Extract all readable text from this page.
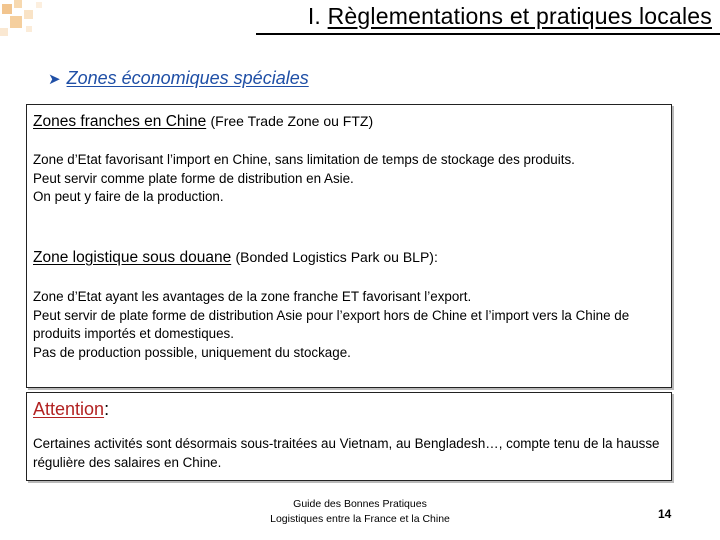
I. Règlementations et pratiques locales
➤ Zones économiques spéciales
Zones franches en Chine (Free Trade Zone ou FTZ)
Zone d’Etat favorisant l’import en Chine, sans limitation de temps de stockage des produits.
Peut servir comme plate forme de distribution en Asie.
On peut y faire de la production.
Zone logistique sous douane (Bonded Logistics Park ou BLP):
Zone d’Etat ayant les avantages de la zone franche ET favorisant l’export.
Peut servir de plate forme de distribution Asie pour l’export hors de Chine et l’import vers la Chine de produits importés et domestiques.
Pas de production possible, uniquement du stockage.
Attention:
Certaines activités sont désormais sous-traitées au Vietnam, au Bengladesh…, compte tenu de la hausse régulière des salaires en Chine.
Guide des Bonnes Pratiques
Logistiques entre la France et la Chine	14
